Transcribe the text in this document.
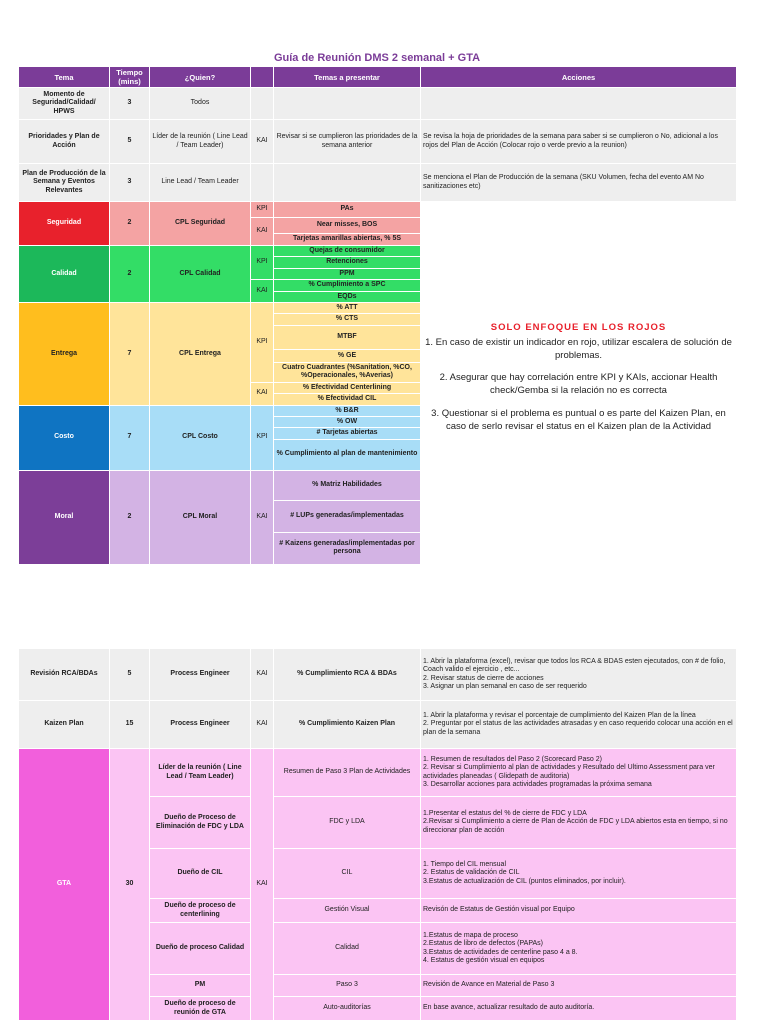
Guía de Reunión DMS 2 semanal + GTA
Tema	Tiempo (mins)	¿Quien?		Temas a presentar	Acciones
Momento de Seguridad/Calidad/ HPWS	3	Todos			
Prioridades y Plan de Acción	5	Líder de la reunión ( Line Lead / Team Leader)	KAI	Revisar si se cumplieron las prioridades de la semana anterior	Se revisa la hoja de prioridades de la semana para saber si se cumplieron o No, adicional a los rojos del Plan de Acción (Colocar rojo o verde previo a la reunion)
Plan de Producción de la Semana y Eventos Relevantes	3	Line Lead / Team Leader			Se menciona el Plan de Producción de la semana (SKU Volumen, fecha del evento AM No sanitizaciones etc)
Seguridad	2	CPL Seguridad	KPI	PAs	SOLO ENFOQUE EN LOS ROJOS
1. En caso de existir un indicador en rojo, utilizar escalera de solución de problemas.
2. Asegurar que hay correlación entre KPI y KAIs, accionar Health check/Gemba si la relación no es correcta
3. Questionar si el problema es puntual o es parte del Kaizen Plan, en caso de serlo revisar el status en el Kaizen plan de la Actividad

			KAI	Near misses, BOS	
				Tarjetas amarillas abiertas, % 5S	
Calidad	2	CPL Calidad	KPI	Quejas de consumidor	
				Retenciones	
				PPM	
			KAI	% Cumplimiento a SPC	
				EQDs	
Entrega	7	CPL Entrega	KPI	% ATT	
				% CTS	
				MTBF	
				% GE	
				Cuatro Cuadrantes (%Sanitation, %CO, %Operacionales, %Averias)	
			KAI	% Efectividad Centerlining	
				% Efectividad CIL	
Costo	7	CPL Costo	KPI	% B&R	
				% OW	
				# Tarjetas abiertas	
				% Cumplimiento al plan de mantenimiento	
Moral	2	CPL Moral	KAI	% Matriz Habilidades	
				# LUPs generadas/implementadas	
				# Kaizens generadas/implementadas por persona	
Revisión RCA/BDAs	5	Process Engineer	KAI	% Cumplimiento RCA & BDAs	1. Abrir la plataforma (excel), revisar que todos los RCA & BDAS esten ejecutados, con # de folio, Coach valido el ejercicio , etc...
2. Revisar status de cierre de acciones
3. Asignar un plan semanal en caso de ser requerido
Kaizen Plan	15	Process Engineer	KAI	% Cumplimiento Kaizen Plan	1. Abrir la plataforma y revisar el porcentaje de cumplimiento del Kaizen Plan de la línea
2. Preguntar por el status de las actividades atrasadas y en caso requerido colocar una acción en el plan de la semana
GTA	30	Líder de la reunión ( Line Lead / Team Leader)	KAI	Resumen de Paso 3 Plan de Actividades	1. Resumen de resultados del Paso 2 (Scorecard Paso 2)
2. Revisar si Cumplimiento al plan de actividades y Resultado del Ultimo Assessment para ver actividades planeadas ( Glidepath de auditoria)
3. Desarrollar acciones para actividades programadas la próxima semana
		Dueño de Proceso de Eliminación de FDC y LDA		FDC y LDA	1.Presentar el estatus del % de cierre de FDC y LDA
2.Revisar si Cumplimiento a cierre de Plan de Acción de FDC y LDA abiertos esta en tiempo, si no direccionar plan de acción
		Dueño de CIL		CIL	1. Tiempo del CIL mensual
2. Estatus de validación de CIL
3.Estatus de actualización de CIL (puntos eliminados, por incluir).
		Dueño de proceso de centerlining		Gestión Visual	Revisón de Estatus de Gestión visual por Equipo
		Dueño de proceso Calidad		Calidad	1.Estatus de mapa de proceso
2.Estatus de libro de defectos (PAPAs)
3.Estatus de actividades de centerline paso 4 a 8.
4. Estatus de gestión visual en equipos
		PM		Paso 3	Revisión de Avance en Material de Paso 3
		Dueño de proceso de reunión de GTA		Auto-auditorías	En base avance, actualizar resultado de auto auditoría.
